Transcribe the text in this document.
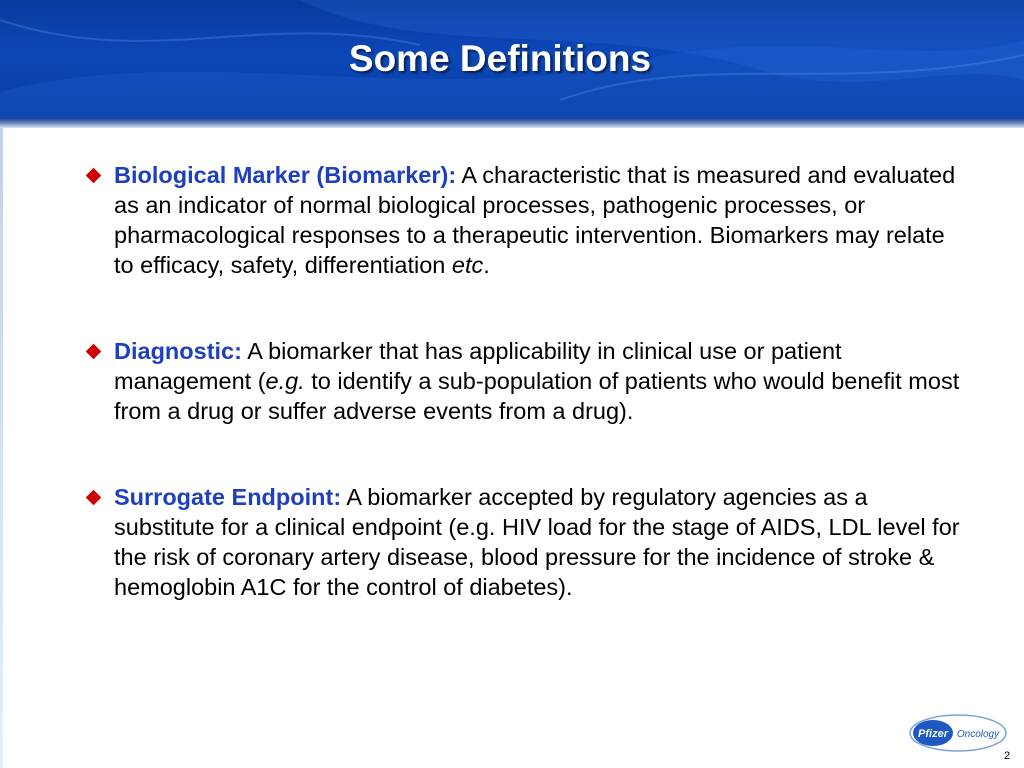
Some Definitions
Biological Marker (Biomarker): A characteristic that is measured and evaluated as an indicator of normal biological processes, pathogenic processes, or pharmacological responses to a therapeutic intervention. Biomarkers may relate to efficacy, safety, differentiation etc.
Diagnostic: A biomarker that has applicability in clinical use or patient management (e.g. to identify a sub-population of patients who would benefit most from a drug or suffer adverse events from a drug).
Surrogate Endpoint: A biomarker accepted by regulatory agencies as a substitute for a clinical endpoint (e.g. HIV load for the stage of AIDS, LDL level for the risk of coronary artery disease, blood pressure for the incidence of stroke & hemoglobin A1C for the control of diabetes).
Pfizer Oncology
2
